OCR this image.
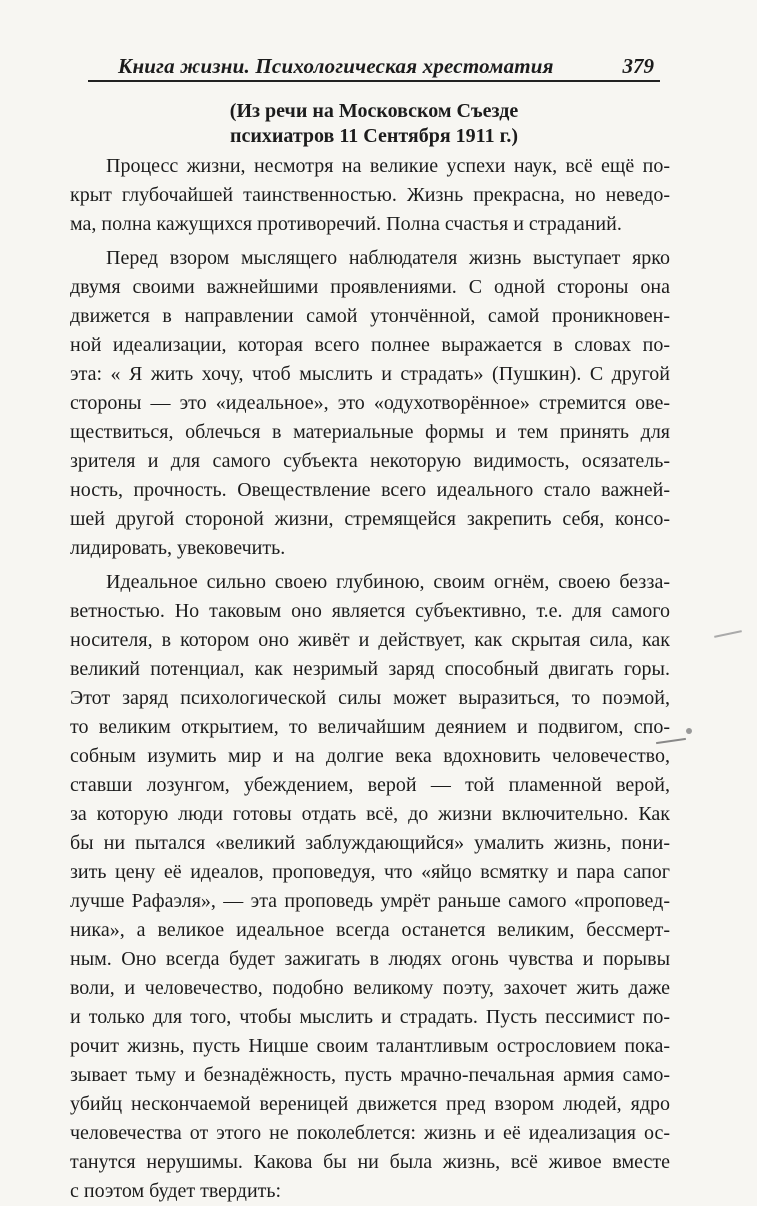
Книга жизни. Психологическая хрестоматия	379
(Из речи на Московском Съезде
психиатров 11 Сентября 1911 г.)
Процесс жизни, несмотря на великие успехи наук, всё ещё по-
крыт глубочайшей таинственностью. Жизнь прекрасна, но неведо-
ма, полна кажущихся противоречий. Полна счастья и страданий.
Перед взором мыслящего наблюдателя жизнь выступает ярко
двумя своими важнейшими проявлениями. С одной стороны она
движется в направлении самой утончённой, самой проникновен-
ной идеализации, которая всего полнее выражается в словах по-
эта: « Я жить хочу, чтоб мыслить и страдать» (Пушкин). С другой
стороны — это «идеальное», это «одухотворённое» стремится ове-
ществиться, облечься в материальные формы и тем принять для
зрителя и для самого субъекта некоторую видимость, осязатель-
ность, прочность. Овеществление всего идеального стало важней-
шей другой стороной жизни, стремящейся закрепить себя, консо-
лидировать, увековечить.
Идеальное сильно своею глубиною, своим огнём, своею безза-
ветностью. Но таковым оно является субъективно, т.е. для самого
носителя, в котором оно живёт и действует, как скрытая сила, как
великий потенциал, как незримый заряд способный двигать горы.
Этот заряд психологической силы может выразиться, то поэмой,
то великим открытием, то величайшим деянием и подвигом, спо-
собным изумить мир и на долгие века вдохновить человечество,
ставши лозунгом, убеждением, верой — той пламенной верой,
за которую люди готовы отдать всё, до жизни включительно. Как
бы ни пытался «великий заблуждающийся» умалить жизнь, пони-
зить цену её идеалов, проповедуя, что «яйцо всмятку и пара сапог
лучше Рафаэля», — эта проповедь умрёт раньше самого «проповед-
ника», а великое идеальное всегда останется великим, бессмерт-
ным. Оно всегда будет зажигать в людях огонь чувства и порывы
воли, и человечество, подобно великому поэту, захочет жить даже
и только для того, чтобы мыслить и страдать. Пусть пессимист по-
рочит жизнь, пусть Ницше своим талантливым острословием пока-
зывает тьму и безнадёжность, пусть мрачно-печальная армия само-
убийц нескончаемой вереницей движется пред взором людей, ядро
человечества от этого не поколеблется: жизнь и её идеализация ос-
танутся нерушимы. Какова бы ни была жизнь, всё живое вместе
с поэтом будет твердить:
